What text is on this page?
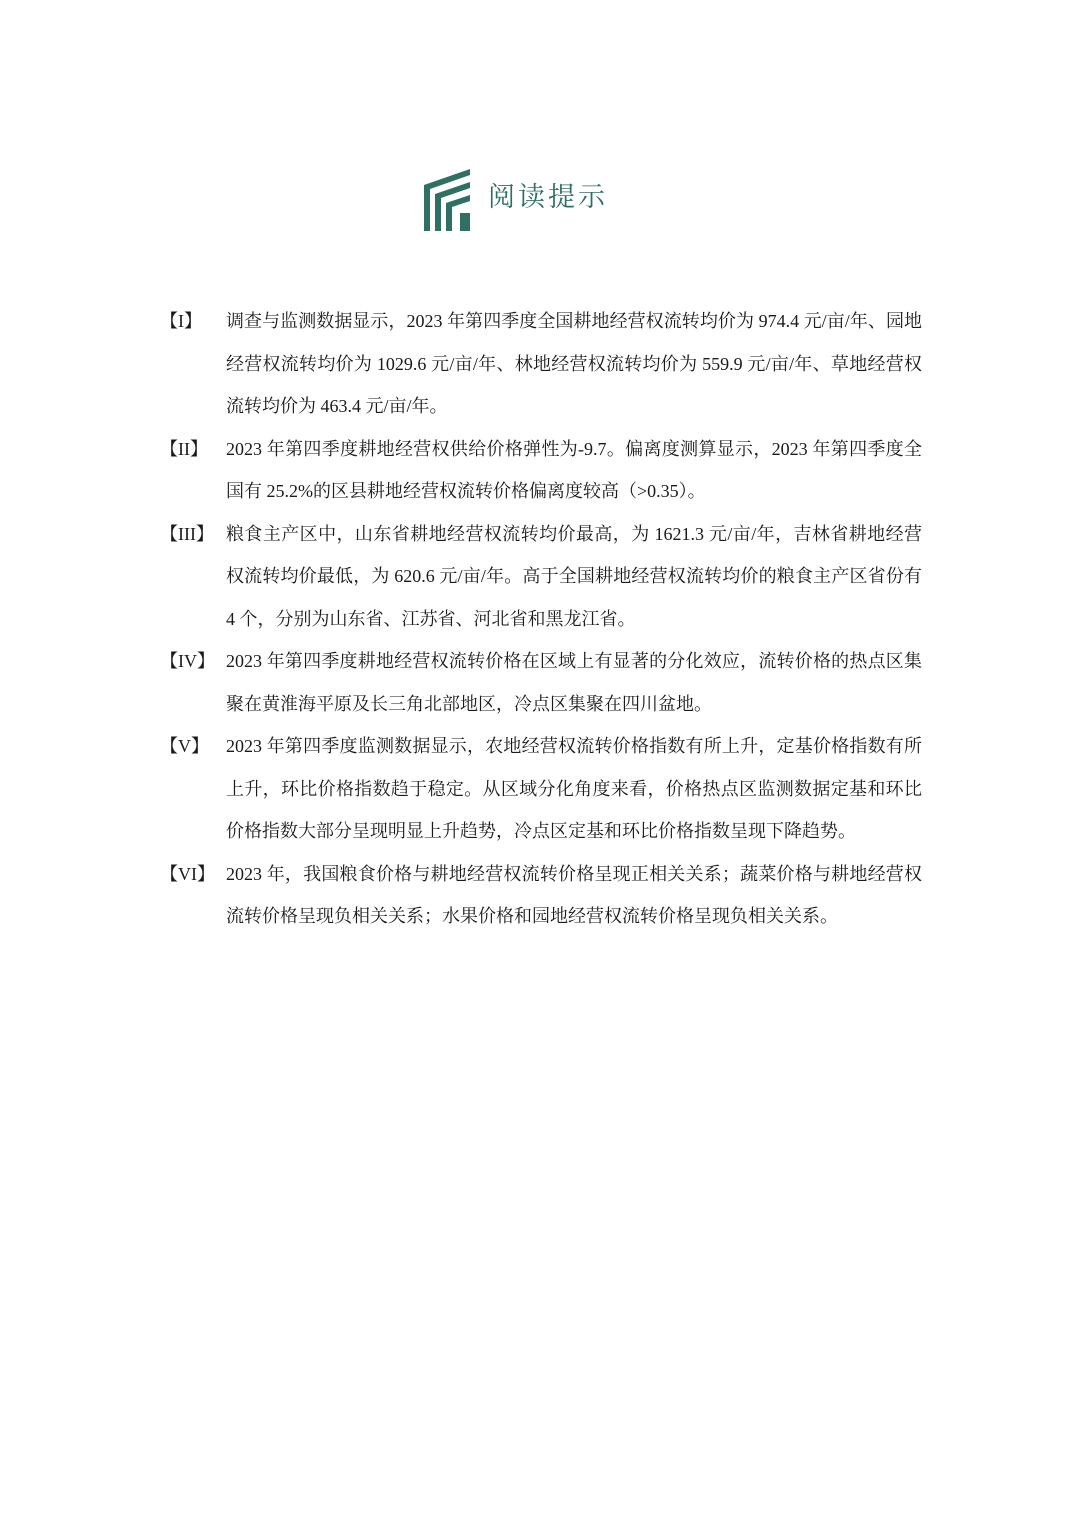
阅读提示
【I】	调查与监测数据显示，2023 年第四季度全国耕地经营权流转均价为 974.4 元/亩/年、园地经营权流转均价为 1029.6 元/亩/年、林地经营权流转均价为 559.9 元/亩/年、草地经营权流转均价为 463.4 元/亩/年。
【II】	2023 年第四季度耕地经营权供给价格弹性为-9.7。偏离度测算显示，2023 年第四季度全国有 25.2%的区县耕地经营权流转价格偏离度较高（>0.35）。
【III】 粮食主产区中，山东省耕地经营权流转均价最高，为 1621.3 元/亩/年，吉林省耕地经营权流转均价最低，为 620.6 元/亩/年。高于全国耕地经营权流转均价的粮食主产区省份有 4 个，分别为山东省、江苏省、河北省和黑龙江省。
【IV】 2023 年第四季度耕地经营权流转价格在区域上有显著的分化效应，流转价格的热点区集聚在黄淮海平原及长三角北部地区，冷点区集聚在四川盆地。
【V】 2023 年第四季度监测数据显示，农地经营权流转价格指数有所上升，定基价格指数有所上升，环比价格指数趋于稳定。从区域分化角度来看，价格热点区监测数据定基和环比价格指数大部分呈现明显上升趋势，冷点区定基和环比价格指数呈现下降趋势。
【VI】 2023 年，我国粮食价格与耕地经营权流转价格呈现正相关关系；蔬菜价格与耕地经营权流转价格呈现负相关关系；水果价格和园地经营权流转价格呈现负相关关系。
